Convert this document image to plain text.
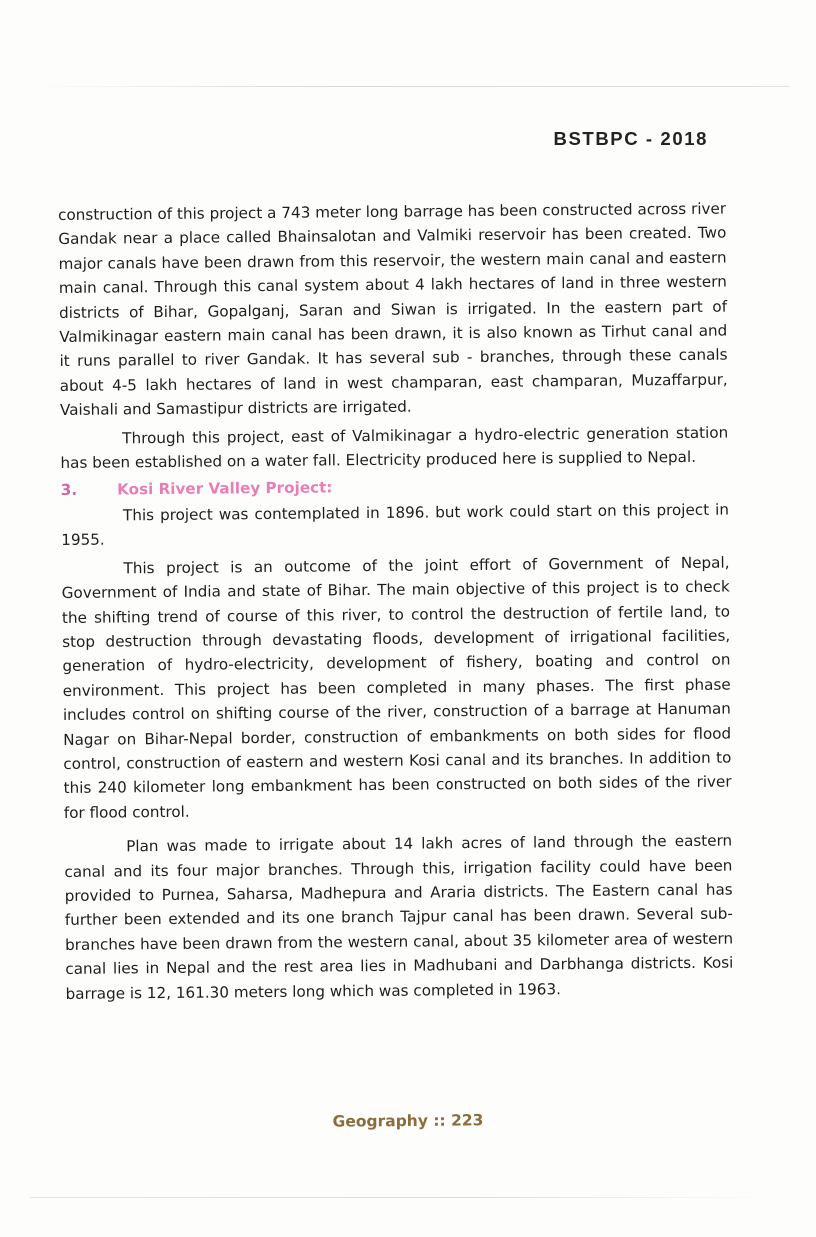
BSTBPC - 2018

construction of this project a 743 meter long barrage has been constructed across river Gandak near a place called Bhainsalotan and Valmiki reservoir has been created. Two major canals have been drawn from this reservoir, the western main canal and eastern main canal. Through this canal system about 4 lakh hectares of land in three western districts of Bihar, Gopalganj, Saran and Siwan is irrigated. In the eastern part of Valmikinagar eastern main canal has been drawn, it is also known as Tirhut canal and it runs parallel to river Gandak. It has several sub - branches, through these canals about 4-5 lakh hectares of land in west champaran, east champaran, Muzaffarpur, Vaishali and Samastipur districts are irrigated.

Through this project, east of Valmikinagar a hydro-electric generation station has been established on a water fall. Electricity produced here is supplied to Nepal.

3.	Kosi River Valley Project:

This project was contemplated in 1896. but work could start on this project in 1955.

This project is an outcome of the joint effort of Government of Nepal, Government of India and state of Bihar. The main objective of this project is to check the shifting trend of course of this river, to control the destruction of fertile land, to stop destruction through devastating floods, development of irrigational facilities, generation of hydro-electricity, development of fishery, boating and control on environment. This project has been completed in many phases. The first phase includes control on shifting course of the river, construction of a barrage at Hanuman Nagar on Bihar-Nepal border, construction of embankments on both sides for flood control, construction of eastern and western Kosi canal and its branches. In addition to this 240 kilometer long embankment has been constructed on both sides of the river for flood control.

Plan was made to irrigate about 14 lakh acres of land through the eastern canal and its four major branches. Through this, irrigation facility could have been provided to Purnea, Saharsa, Madhepura and Araria districts. The Eastern canal has further been extended and its one branch Tajpur canal has been drawn. Several sub-branches have been drawn from the western canal, about 35 kilometer area of western canal lies in Nepal and the rest area lies in Madhubani and Darbhanga districts. Kosi barrage is 12, 161.30 meters long which was completed in 1963.

Geography :: 223
